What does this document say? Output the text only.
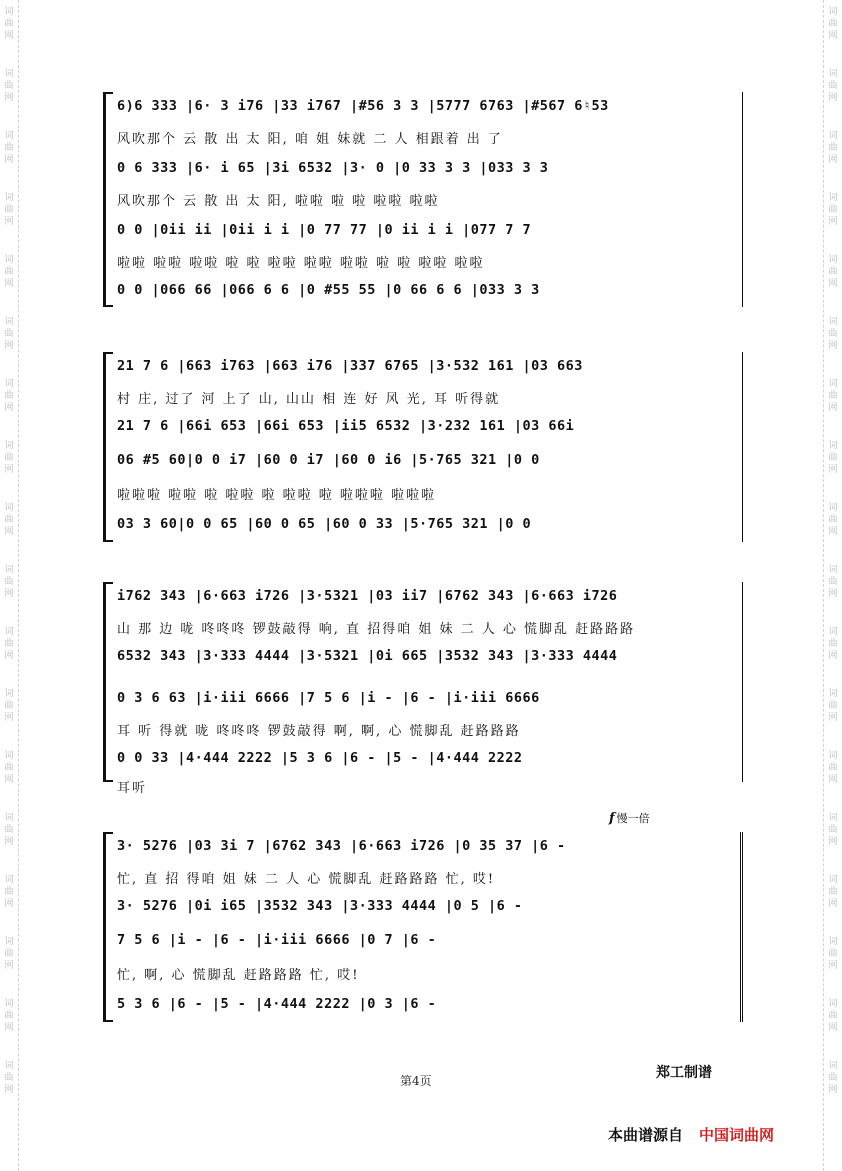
词曲网
词曲网
词曲网
词曲网
词曲网
词曲网
词曲网
词曲网
词曲网
词曲网
词曲网
词曲网
词曲网
词曲网
词曲网
词曲网
词曲网
词曲网
词曲网
词曲网
词曲网
词曲网
词曲网
词曲网
词曲网
词曲网
词曲网
词曲网
词曲网
词曲网
词曲网
词曲网
词曲网
词曲网
词曲网
词曲网
6)6 333 |6· 3 i76 |33 i767 |#56 3 3 |5777 6763 |#567 6♮53
风吹那个 云 散 出 太 阳, 咱 姐 妹就 二 人 相跟着 出 了
0 6 333 |6· i 65 |3i 6532 |3· 0 |0 33 3 3 |033 3 3
风吹那个 云 散 出 太 阳, 啦啦 啦 啦 啦啦 啦啦
0 0 |0ii ii |0ii i i |0 77 77 |0 ii i i |077 7 7
啦啦 啦啦 啦啦 啦 啦 啦啦 啦啦 啦啦 啦 啦 啦啦 啦啦
0 0 |066 66 |066 6 6 |0 #55 55 |0 66 6 6 |033 3 3
21 7 6 |663 i763 |663 i76 |337 6765 |3·532 161 |03 663
村 庄, 过了 河 上了 山, 山山 相 连 好 风 光, 耳 听得就
21 7 6 |66i 653 |66i 653 |ii5 6532 |3·232 161 |03 66i
06 #5 60|0 0 i7 |60 0 i7 |60 0 i6 |5·765 321 |0 0
啦啦啦 啦啦 啦 啦啦 啦 啦啦 啦 啦啦啦 啦啦啦
03 3 60|0 0 65 |60 0 65 |60 0 33 |5·765 321 |0 0
i762 343 |6·663 i726 |3·5321 |03 ii7 |6762 343 |6·663 i726
山 那 边 咙 咚咚咚 锣鼓敲得 响, 直 招得咱 姐 妹 二 人 心 慌脚乱 赶路路路
6532 343 |3·333 4444 |3·5321 |0i 665 |3532 343 |3·333 4444
0 3 6 63 |i·iii 6666 |7 5 6 |i - |6 - |i·iii 6666
耳 听 得就 咙 咚咚咚 锣鼓敲得 啊, 啊, 心 慌脚乱 赶路路路
0 0 33 |4·444 2222 |5 3 6 |6 - |5 - |4·444 2222
耳听
f 慢一倍
3· 5276 |03 3i 7 |6762 343 |6·663 i726 |0 35 37 |6 -
忙, 直 招 得咱 姐 妹 二 人 心 慌脚乱 赶路路路 忙, 哎!
3· 5276 |0i i65 |3532 343 |3·333 4444 |0 5 |6 -
7 5 6 |i - |6 - |i·iii 6666 |0 7 |6 -
忙, 啊, 心 慌脚乱 赶路路路 忙, 哎!
5 3 6 |6 - |5 - |4·444 2222 |0 3 |6 -
第4页
郑工制谱
本曲谱源自 中国词曲网
